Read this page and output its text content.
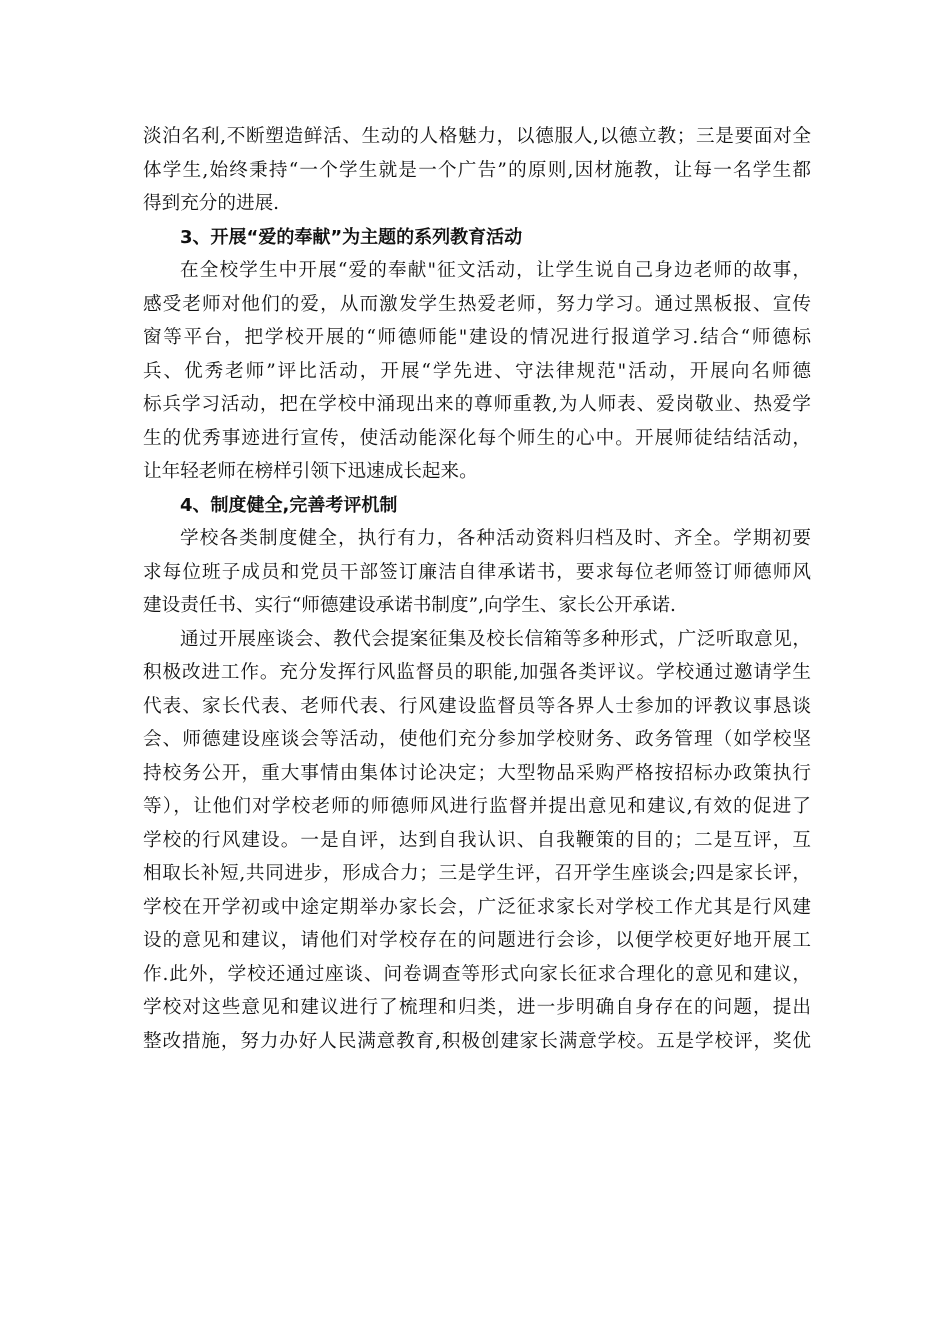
淡泊名利,不断塑造鲜活、生动的人格魅力，以德服人,以德立教；三是要面对全
体学生,始终秉持“一个学生就是一个广告”的原则,因材施教，让每一名学生都
得到充分的进展.
3、开展“爱的奉献”为主题的系列教育活动
在全校学生中开展“爱的奉献"征文活动，让学生说自己身边老师的故事，
感受老师对他们的爱，从而激发学生热爱老师，努力学习。通过黑板报、宣传
窗等平台，把学校开展的“师德师能"建设的情况进行报道学习.结合“师德标
兵、优秀老师”评比活动，开展“学先进、守法律规范"活动，开展向名师德
标兵学习活动，把在学校中涌现出来的尊师重教,为人师表、爱岗敬业、热爱学
生的优秀事迹进行宣传，使活动能深化每个师生的心中。开展师徒结结活动，
让年轻老师在榜样引领下迅速成长起来。
4、制度健全,完善考评机制
学校各类制度健全，执行有力，各种活动资料归档及时、齐全。学期初要
求每位班子成员和党员干部签订廉洁自律承诺书，要求每位老师签订师德师风
建设责任书、实行“师德建设承诺书制度”,向学生、家长公开承诺.
通过开展座谈会、教代会提案征集及校长信箱等多种形式，广泛听取意见，
积极改进工作。充分发挥行风监督员的职能,加强各类评议。学校通过邀请学生
代表、家长代表、老师代表、行风建设监督员等各界人士参加的评教议事恳谈
会、师德建设座谈会等活动，使他们充分参加学校财务、政务管理（如学校坚
持校务公开，重大事情由集体讨论决定；大型物品采购严格按招标办政策执行
等），让他们对学校老师的师德师风进行监督并提出意见和建议,有效的促进了
学校的行风建设。一是自评，达到自我认识、自我鞭策的目的；二是互评，互
相取长补短,共同进步，形成合力；三是学生评，召开学生座谈会;四是家长评，
学校在开学初或中途定期举办家长会，广泛征求家长对学校工作尤其是行风建
设的意见和建议，请他们对学校存在的问题进行会诊，以便学校更好地开展工
作.此外，学校还通过座谈、问卷调查等形式向家长征求合理化的意见和建议，
学校对这些意见和建议进行了梳理和归类，进一步明确自身存在的问题，提出
整改措施，努力办好人民满意教育,积极创建家长满意学校。五是学校评，奖优
